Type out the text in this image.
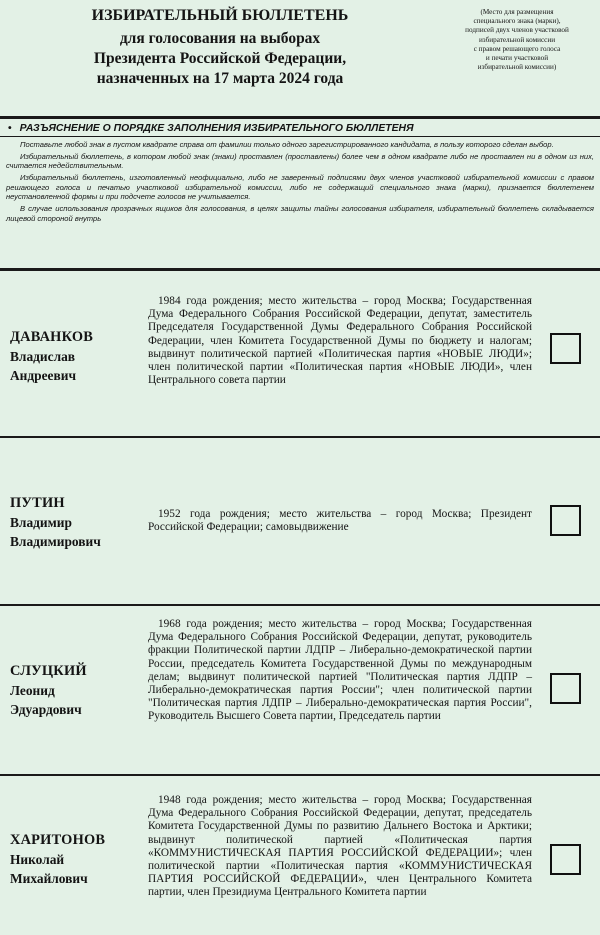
ИЗБИРАТЕЛЬНЫЙ БЮЛЛЕТЕНЬ
для голосования на выборах
Президента Российской Федерации,
назначенных на 17 марта 2024 года
(Место для размещения
специального знака (марки),
подписей двух членов участковой
избирательной комиссии
с правом решающего голоса
и печати участковой
избирательной комиссии)
• РАЗЪЯСНЕНИЕ О ПОРЯДКЕ ЗАПОЛНЕНИЯ ИЗБИРАТЕЛЬНОГО БЮЛЛЕТЕНЯ

Поставьте любой знак в пустом квадрате справа от фамилии только одного зарегистрированного кандидата, в пользу которого сделан выбор.

Избирательный бюллетень, в котором любой знак (знаки) проставлен (проставлены) более чем в одном квадрате либо не проставлен ни в одном из них, считается недействительным.

Избирательный бюллетень, изготовленный неофициально, либо не заверенный подписями двух членов участковой избирательной комиссии с правом решающего голоса и печатью участковой избирательной комиссии, либо не содержащий специального знака (марки), признается бюллетенем неустановленной формы и при подсчете голосов не учитывается.

В случае использования прозрачных ящиков для голосования, в целях защиты тайны голосования избирателя, избирательный бюллетень складывается лицевой стороной внутрь

1984 года рождения; место жительства – город Москва; Государственная Дума Федерального Собрания Российской Федерации, депутат, заместитель Председателя Государственной Думы Федерального Собрания Российской Федерации, член Комитета Государственной Думы по бюджету и налогам; выдвинут политической партией «Политическая партия «НОВЫЕ ЛЮДИ»; член политической партии «Политическая партия «НОВЫЕ ЛЮДИ», член Центрального совета партии
ДАВАНКОВ
Владислав
Андреевич
1952 года рождения; место жительства – город Москва; Президент Российской Федерации; самовыдвижение
ПУТИН
Владимир
Владимирович
1968 года рождения; место жительства – город Москва; Государственная Дума Федерального Собрания Российской Федерации, депутат, руководитель фракции Политической партии ЛДПР – Либерально-демократической партии России, председатель Комитета Государственной Думы по международным делам; выдвинут политической партией "Политическая партия ЛДПР – Либерально-демократическая партия России"; член политической партии "Политическая партия ЛДПР – Либерально-демократическая партия России", Руководитель Высшего Совета партии, Председатель партии
СЛУЦКИЙ
Леонид
Эдуардович
1948 года рождения; место жительства – город Москва; Государственная Дума Федерального Собрания Российской Федерации, депутат, председатель Комитета Государственной Думы по развитию Дальнего Востока и Арктики; выдвинут политической партией «Политическая партия «КОММУНИСТИЧЕСКАЯ ПАРТИЯ РОССИЙСКОЙ ФЕДЕРАЦИИ»; член политической партии «Политическая партия «КОММУНИСТИЧЕСКАЯ ПАРТИЯ РОССИЙСКОЙ ФЕДЕРАЦИИ», член Центрального Комитета партии, член Президиума Центрального Комитета партии
ХАРИТОНОВ
Николай
Михайлович
